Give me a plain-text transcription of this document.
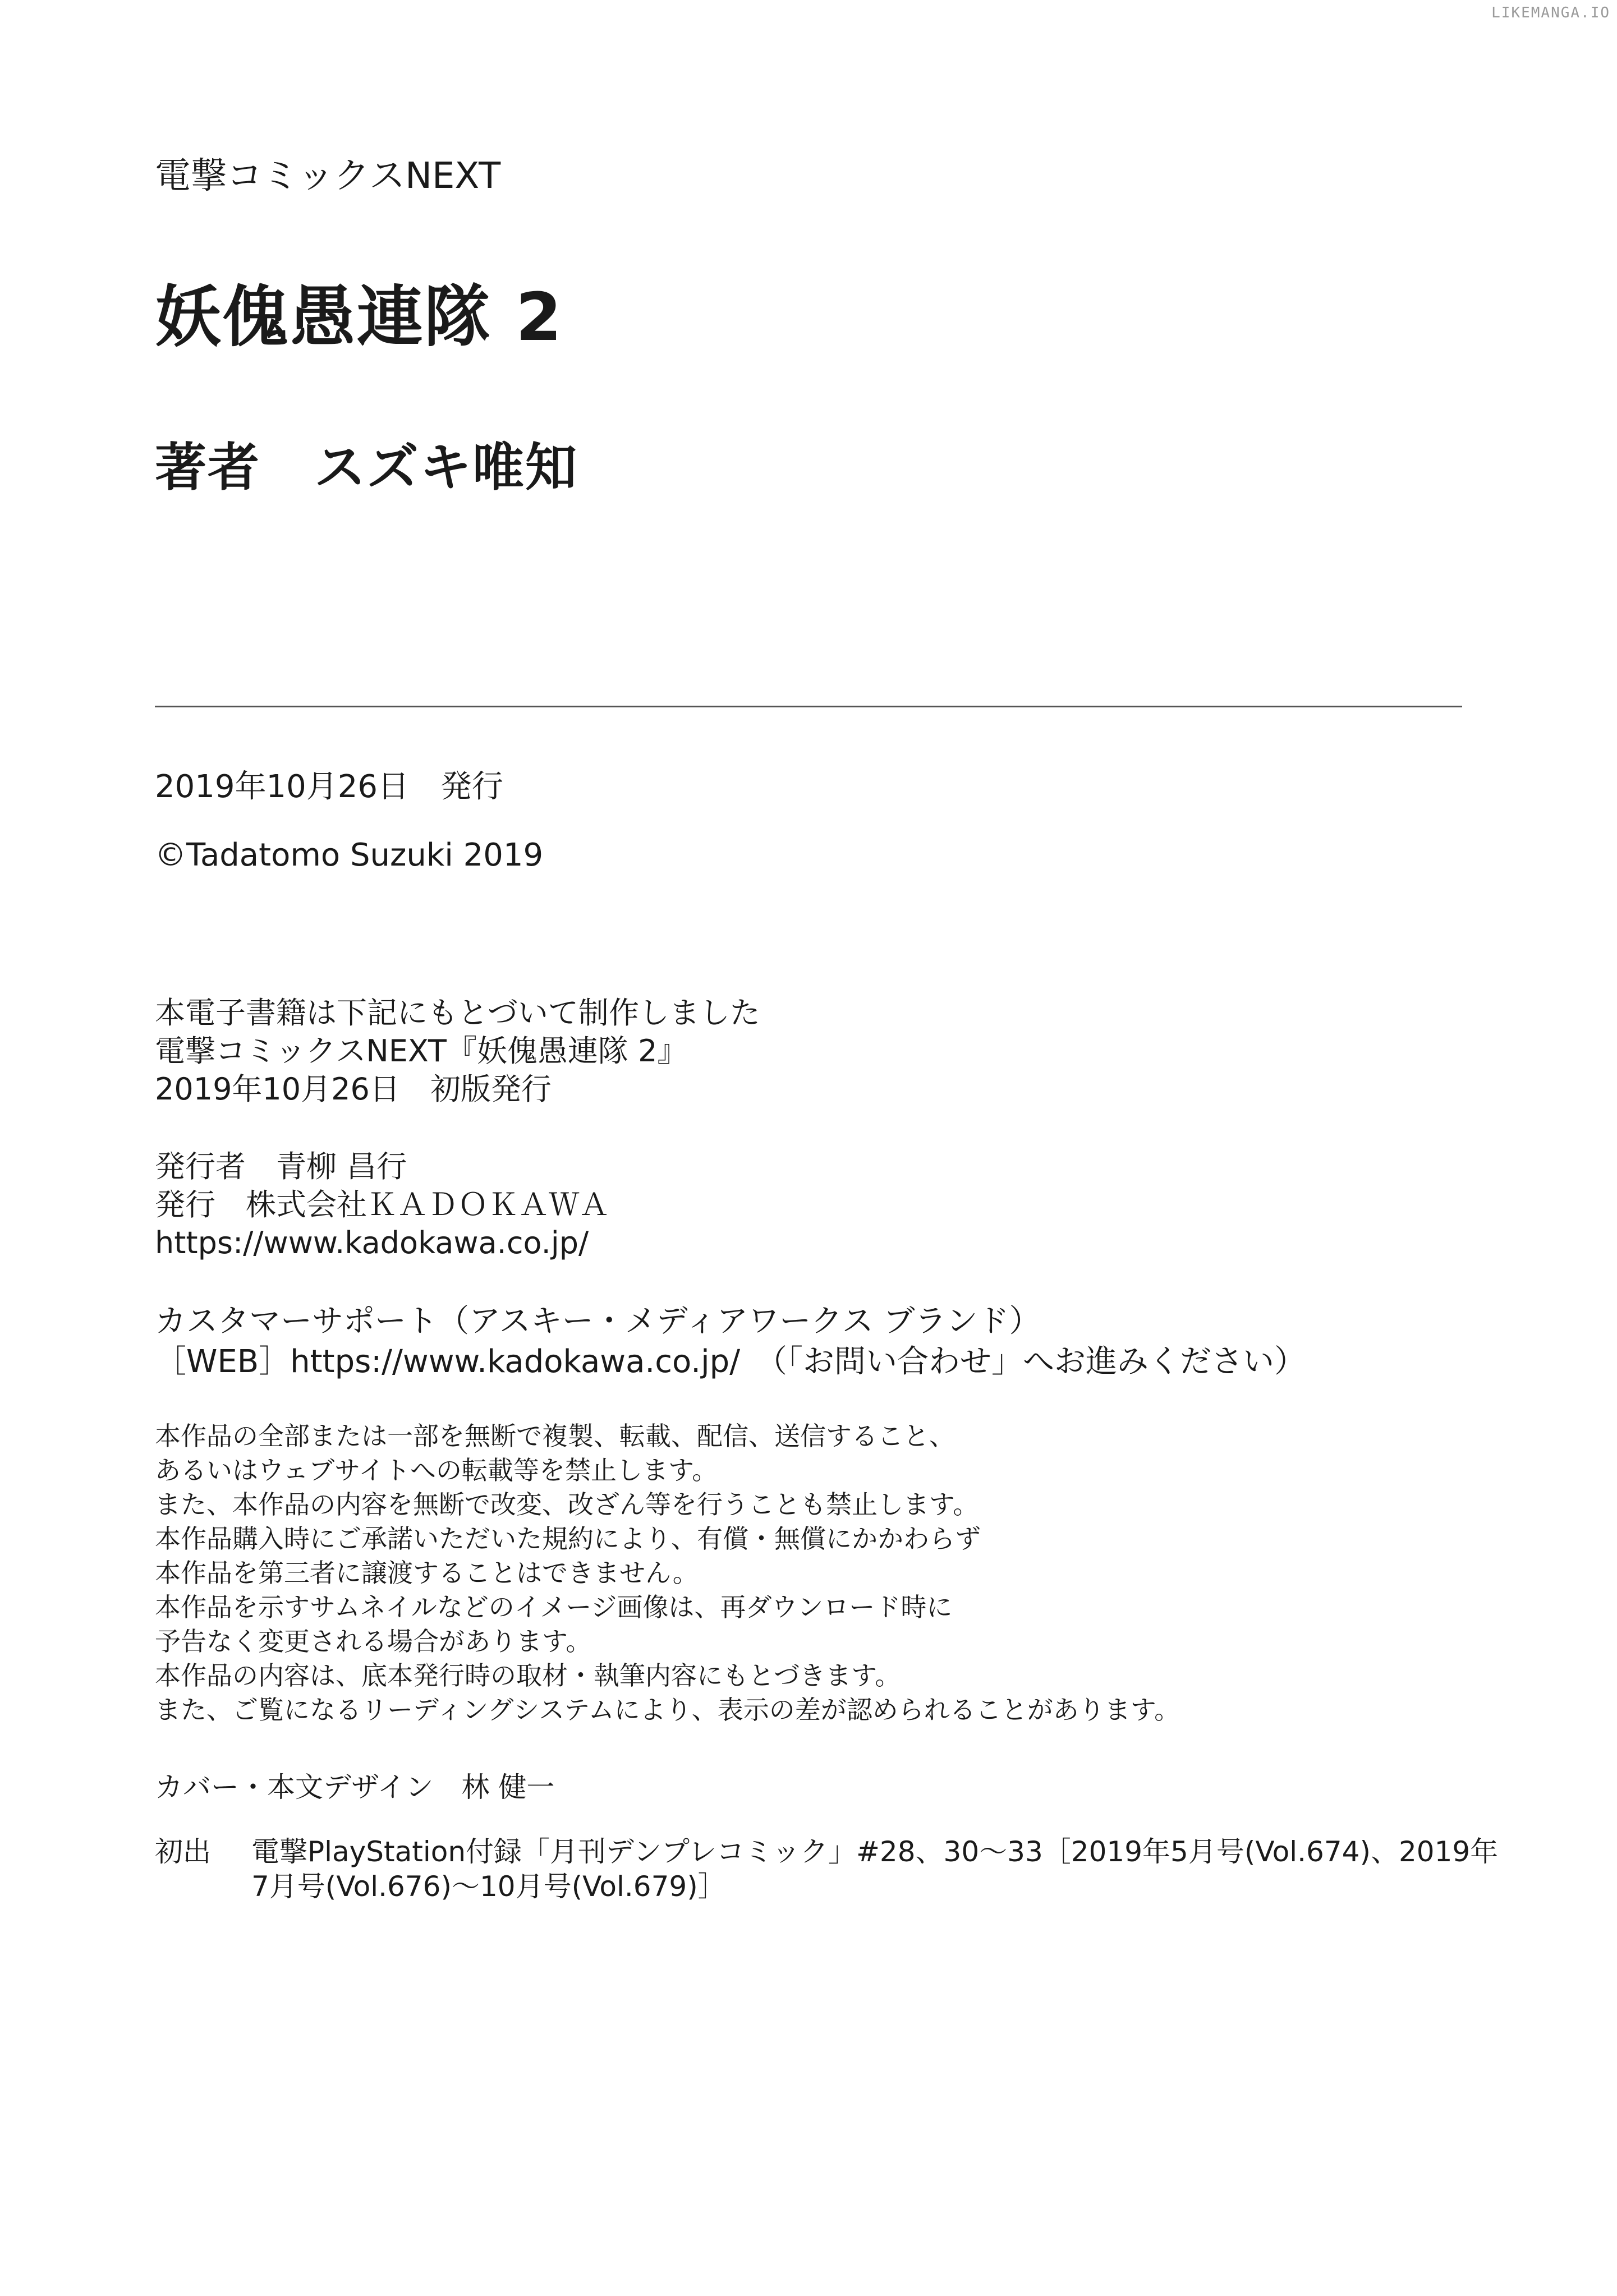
LIKEMANGA.IO
電撃コミックスNEXT
妖傀愚連隊 2
著者 スズキ唯知
2019年10月26日　発行
©Tadatomo Suzuki 2019
本電子書籍は下記にもとづいて制作しました
電撃コミックスNEXT『妖傀愚連隊 2』
2019年10月26日　初版発行
発行者　青柳 昌行
発行　株式会社ＫＡＤＯＫＡＷＡ
https://www.kadokawa.co.jp/
カスタマーサポート（アスキー・メディアワークス ブランド）
［WEB］https://www.kadokawa.co.jp/　（「お問い合わせ」へお進みください）
本作品の全部または一部を無断で複製、転載、配信、送信すること、
あるいはウェブサイトへの転載等を禁止します。
また、本作品の内容を無断で改変、改ざん等を行うことも禁止します。
本作品購入時にご承諾いただいた規約により、有償・無償にかかわらず
本作品を第三者に譲渡することはできません。
本作品を示すサムネイルなどのイメージ画像は、再ダウンロード時に
予告なく変更される場合があります。
本作品の内容は、底本発行時の取材・執筆内容にもとづきます。
また、ご覧になるリーディングシステムにより、表示の差が認められることがあります。
カバー・本文デザイン　林 健一
初出	電撃PlayStation付録「月刊デンプレコミック」#28、30〜33［2019年5月号(Vol.674)、2019年
7月号(Vol.676)〜10月号(Vol.679)］
